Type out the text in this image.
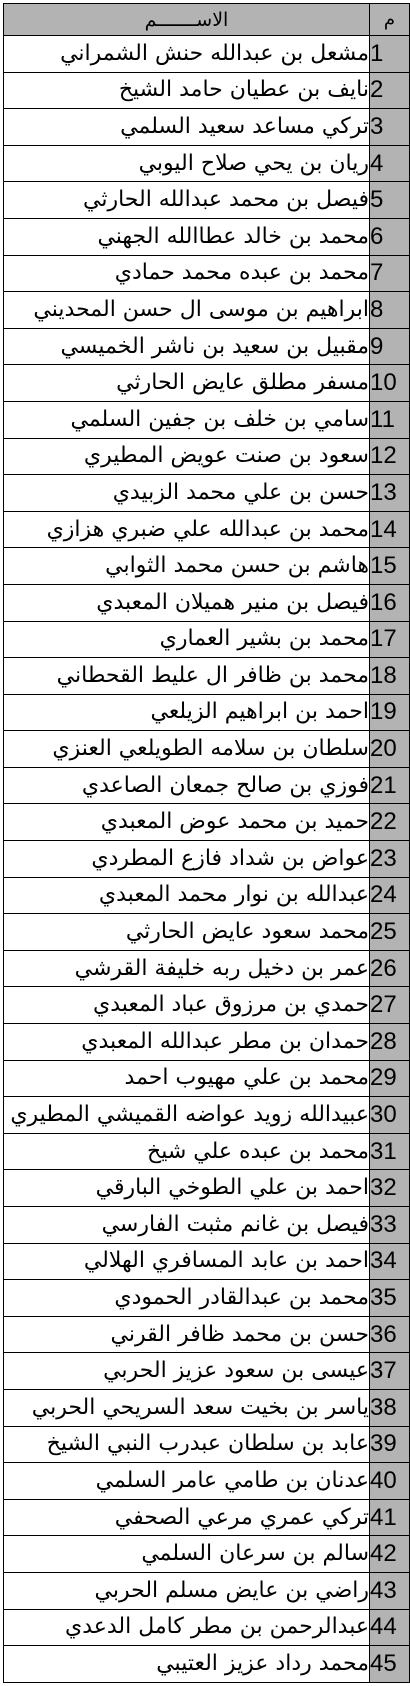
الاســـــــم	م
مشعل بن عبدالله حنش الشمراني	1
نايف بن عطيان حامد الشيخ	2
تركي مساعد سعيد السلمي	3
ريان بن يحي صلاح اليوبي	4
فيصل بن محمد عبدالله الحارثي	5
محمد بن خالد عطاالله الجهني	6
محمد بن عبده محمد حمادي	7
ابراهيم بن موسى ال حسن المحديني	8
مقبيل بن سعيد بن ناشر الخميسي	9
مسفر مطلق عايض الحارثي	10
سامي بن خلف بن جفين السلمي	11
سعود بن صنت عويض المطيري	12
حسن بن علي محمد الزبيدي	13
محمد بن عبدالله علي ضبري هزازي	14
هاشم بن حسن محمد الثوابي	15
فيصل بن منير هميلان المعبدي	16
محمد بن بشير العماري	17
محمد بن ظافر ال عليط القحطاني	18
احمد بن ابراهيم الزيلعي	19
سلطان بن سلامه الطويلعي العنزي	20
فوزي بن صالح جمعان الصاعدي	21
حميد بن محمد عوض المعبدي	22
عواض بن شداد فازع المطردي	23
عبدالله بن نوار محمد المعبدي	24
محمد سعود عايض الحارثي	25
عمر بن دخيل ربه خليفة القرشي	26
حمدي بن مرزوق عباد المعبدي	27
حمدان بن مطر عبدالله المعبدي	28
محمد بن علي مهيوب احمد	29
عبيدالله زويد عواضه القميشي المطيري	30
محمد بن عبده علي شيخ	31
احمد بن علي الطوخي البارقي	32
فيصل بن غانم مثبت الفارسي	33
احمد بن عابد المسافري الهلالي	34
محمد بن عبدالقادر الحمودي	35
حسن بن محمد ظافر القرني	36
عيسى بن سعود عزيز الحربي	37
ياسر بن بخيت سعد السريحي الحربي	38
عابد بن سلطان عبدرب النبي الشيخ	39
عدنان بن طامي عامر السلمي	40
تركي عمري مرعي الصحفي	41
سالم بن سرعان السلمي	42
راضي بن عايض مسلم الحربي	43
عبدالرحمن بن مطر كامل الدعدي	44
محمد رداد عزيز العتيبي	45
